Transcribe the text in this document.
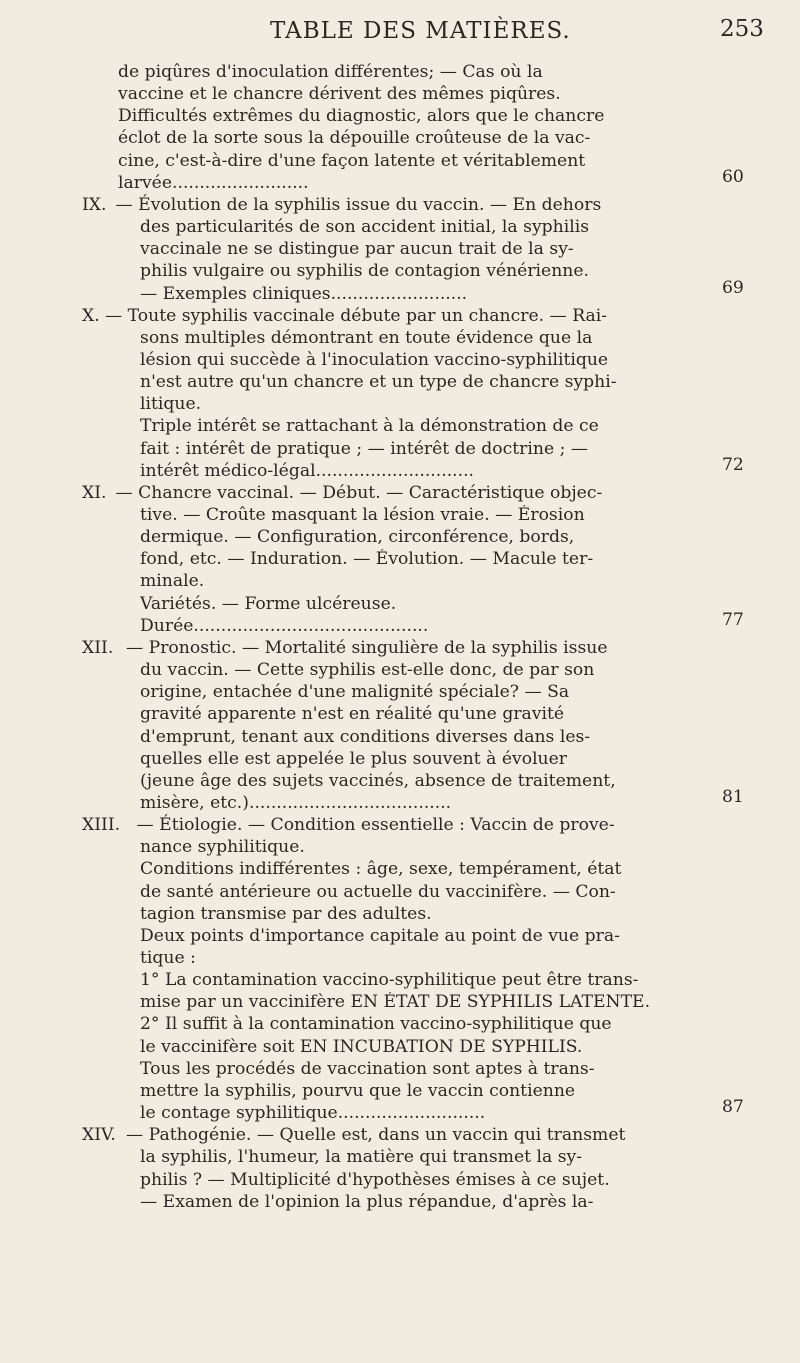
TABLE DES MATIÈRES.	253
de piqûres d'inoculation différentes; — Cas où la
vaccine et le chancre dérivent des mêmes piqûres.
Difficultés extrêmes du diagnostic, alors que le chancre
éclot de la sorte sous la dépouille croûteuse de la vac-
cine, c'est-à-dire d'une façon latente et véritablement
larvée.........................	60
IX. — Évolution de la syphilis issue du vaccin. — En dehors
des particularités de son accident initial, la syphilis
vaccinale ne se distingue par aucun trait de la sy-
philis vulgaire ou syphilis de contagion vénérienne.
— Exemples cliniques.........................	69
X. — Toute syphilis vaccinale débute par un chancre. — Rai-
sons multiples démontrant en toute évidence que la
lésion qui succède à l'inoculation vaccino-syphilitique
n'est autre qu'un chancre et un type de chancre syphi-
litique.
Triple intérêt se rattachant à la démonstration de ce
fait : intérêt de pratique ; — intérêt de doctrine ; —
intérêt médico-légal.............................	72
XI. — Chancre vaccinal. — Début. — Caractéristique objec-
tive. — Croûte masquant la lésion vraie. — Érosion
dermique. — Configuration, circonférence, bords,
fond, etc. — Induration. — Évolution. — Macule ter-
minale.
Variétés. — Forme ulcéreuse.
Durée...........................................	77
XII. — Pronostic. — Mortalité singulière de la syphilis issue
du vaccin. — Cette syphilis est-elle donc, de par son
origine, entachée d'une malignité spéciale? — Sa
gravité apparente n'est en réalité qu'une gravité
d'emprunt, tenant aux conditions diverses dans les-
quelles elle est appelée le plus souvent à évoluer
(jeune âge des sujets vaccinés, absence de traitement,
misère, etc.).....................................	81
XIII. — Étiologie. — Condition essentielle : Vaccin de prove-
nance syphilitique.
Conditions indifférentes : âge, sexe, tempérament, état
de santé antérieure ou actuelle du vaccinifère. — Con-
tagion transmise par des adultes.
Deux points d'importance capitale au point de vue pra-
tique :
1° La contamination vaccino-syphilitique peut être trans-
mise par un vaccinifère EN ÉTAT DE SYPHILIS LATENTE.
2° Il suffit à la contamination vaccino-syphilitique que
le vaccinifère soit EN INCUBATION DE SYPHILIS.
Tous les procédés de vaccination sont aptes à trans-
mettre la syphilis, pourvu que le vaccin contienne
le contage syphilitique...........................	87
XIV. — Pathogénie. — Quelle est, dans un vaccin qui transmet
la syphilis, l'humeur, la matière qui transmet la sy-
philis ? — Multiplicité d'hypothèses émises à ce sujet.
— Examen de l'opinion la plus répandue, d'après la-
